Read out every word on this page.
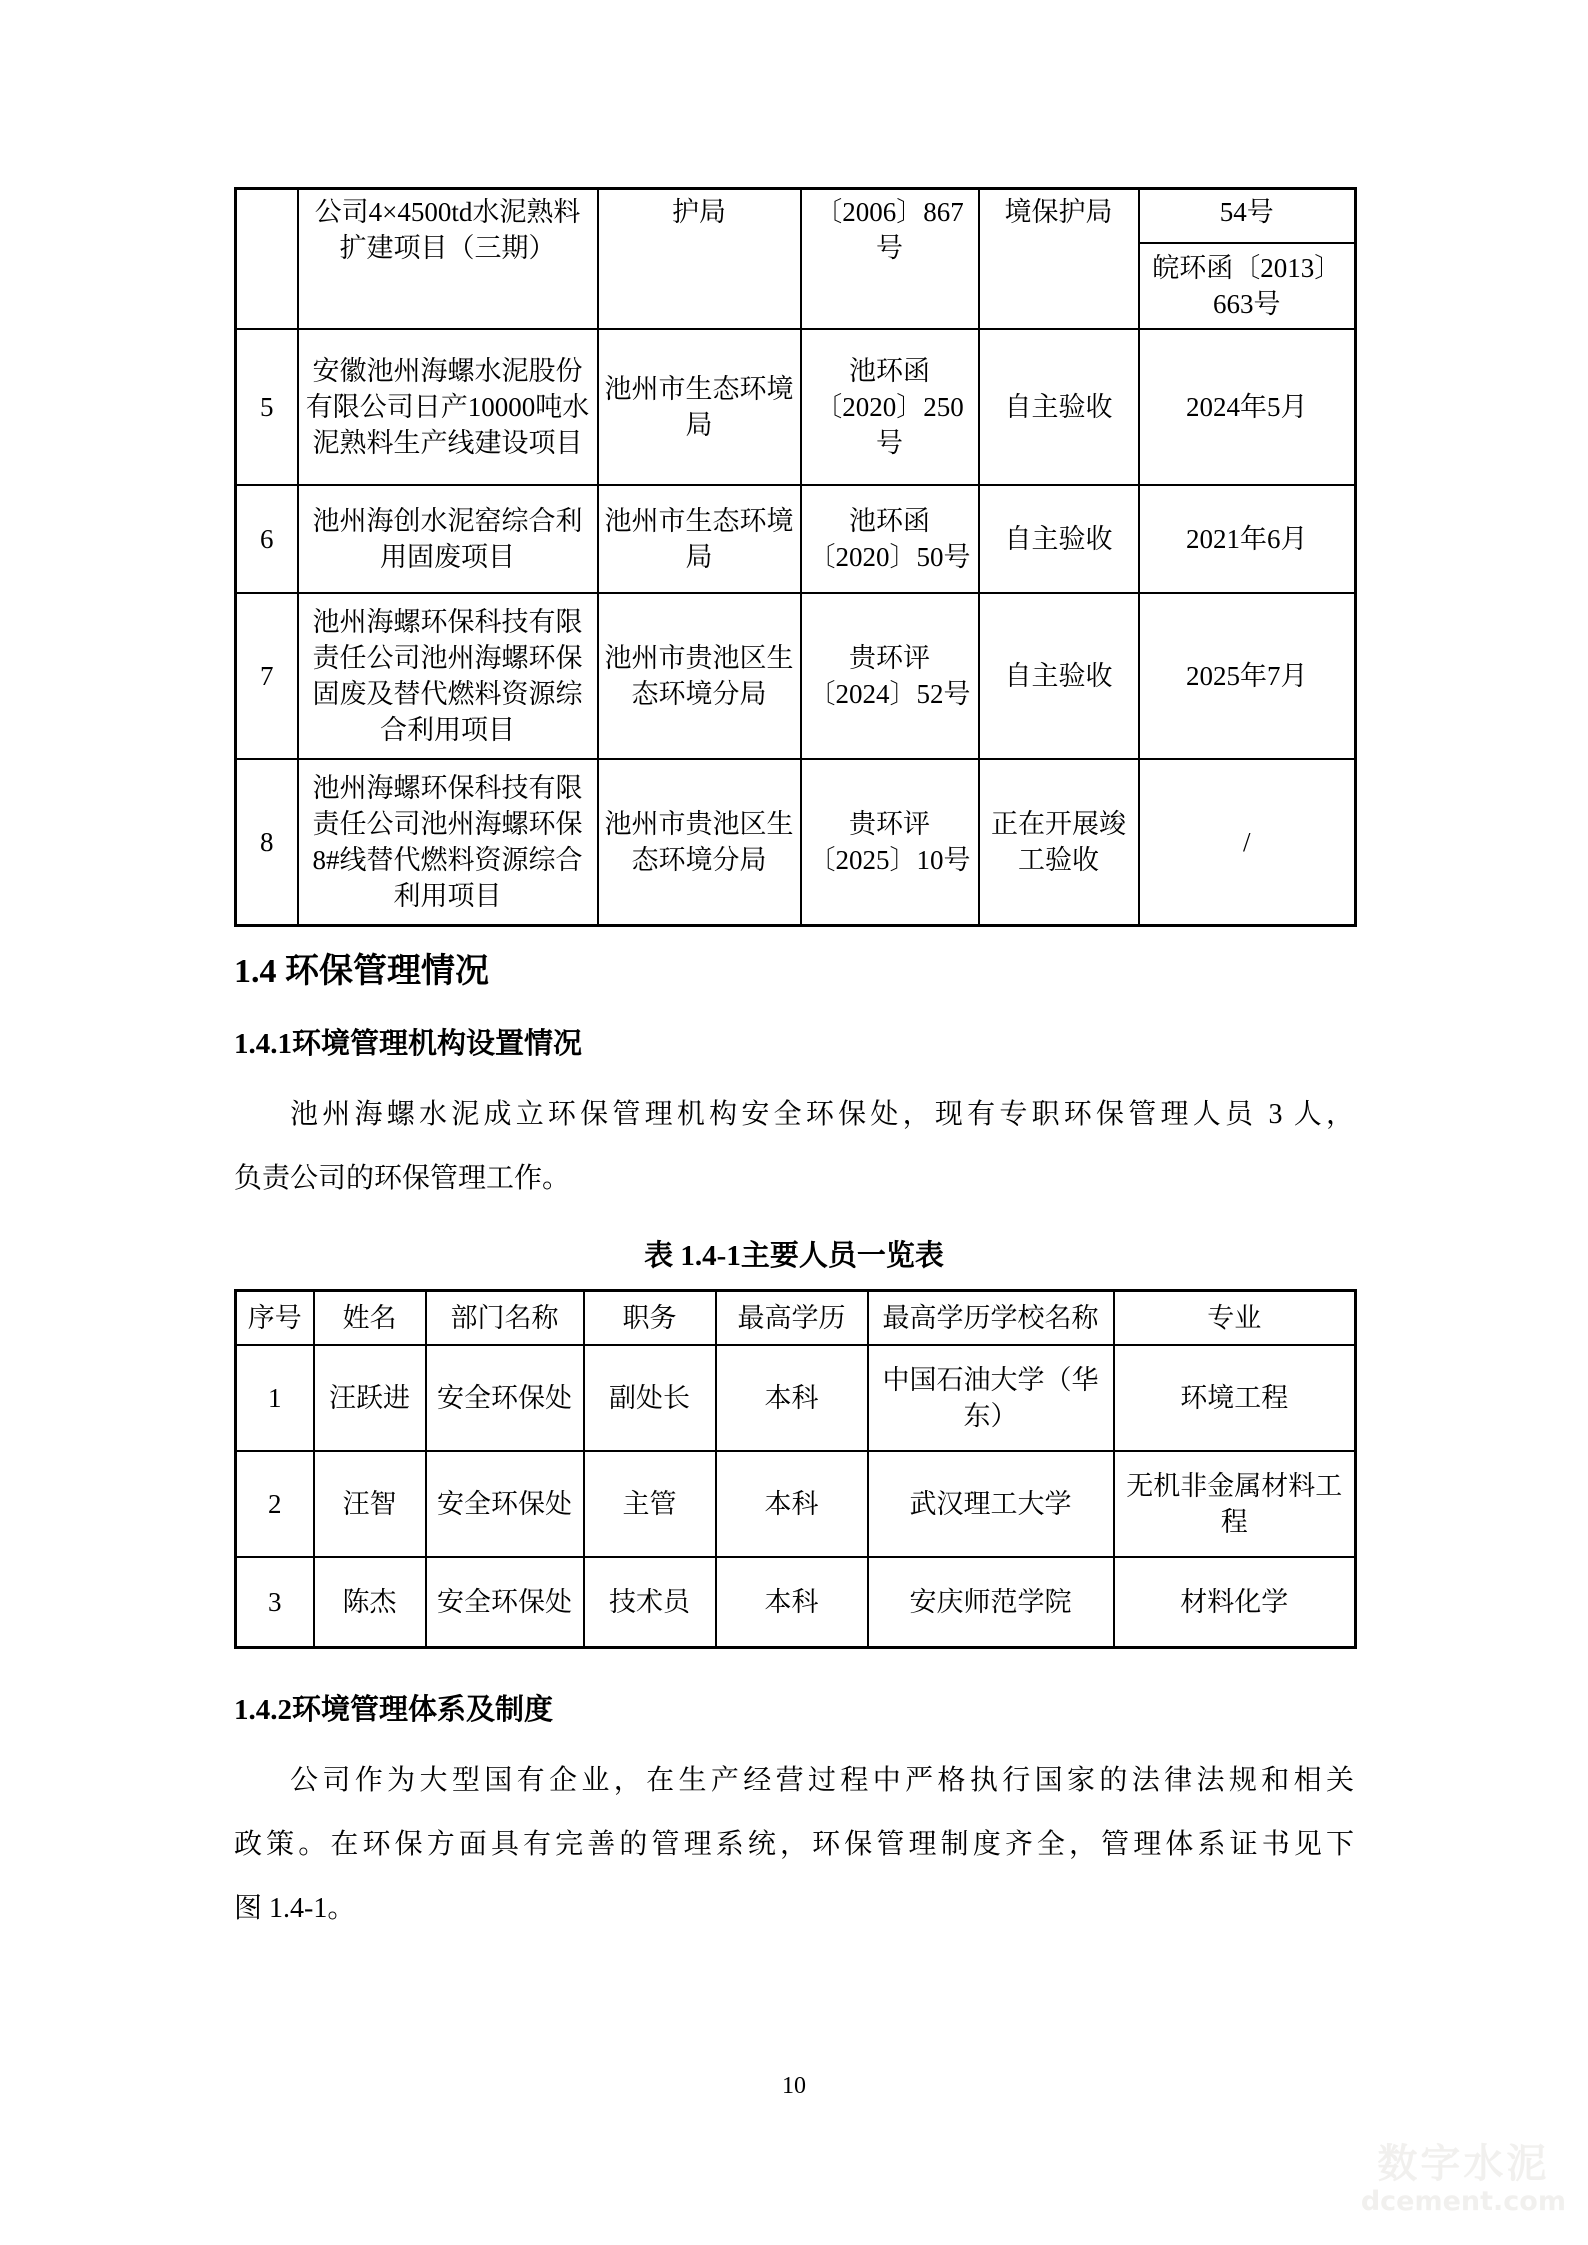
	公司4×4500td水泥熟料扩建项目（三期）	护局	〔2006〕867号	境保护局	54号
					皖环函〔2013〕663号
5	安徽池州海螺水泥股份有限公司日产10000吨水泥熟料生产线建设项目	池州市生态环境局	池环函〔2020〕250号	自主验收	2024年5月
6	池州海创水泥窑综合利用固废项目	池州市生态环境局	池环函〔2020〕50号	自主验收	2021年6月
7	池州海螺环保科技有限责任公司池州海螺环保固废及替代燃料资源综合利用项目	池州市贵池区生态环境分局	贵环评〔2024〕52号	自主验收	2025年7月
8	池州海螺环保科技有限责任公司池州海螺环保8#线替代燃料资源综合利用项目	池州市贵池区生态环境分局	贵环评〔2025〕10号	正在开展竣工验收	/
1.4 环保管理情况
1.4.1环境管理机构设置情况
池州海螺水泥成立环保管理机构安全环保处，现有专职环保管理人员 3 人，
负责公司的环保管理工作。
表 1.4-1主要人员一览表
序号	姓名	部门名称	职务	最高学历	最高学历学校名称	专业
1	汪跃进	安全环保处	副处长	本科	中国石油大学（华东）	环境工程
2	汪智	安全环保处	主管	本科	武汉理工大学	无机非金属材料工程
3	陈杰	安全环保处	技术员	本科	安庆师范学院	材料化学
1.4.2环境管理体系及制度
公司作为大型国有企业，在生产经营过程中严格执行国家的法律法规和相关
政策。在环保方面具有完善的管理系统，环保管理制度齐全，管理体系证书见下
图 1.4-1。
10
数字水泥
dcement.com
